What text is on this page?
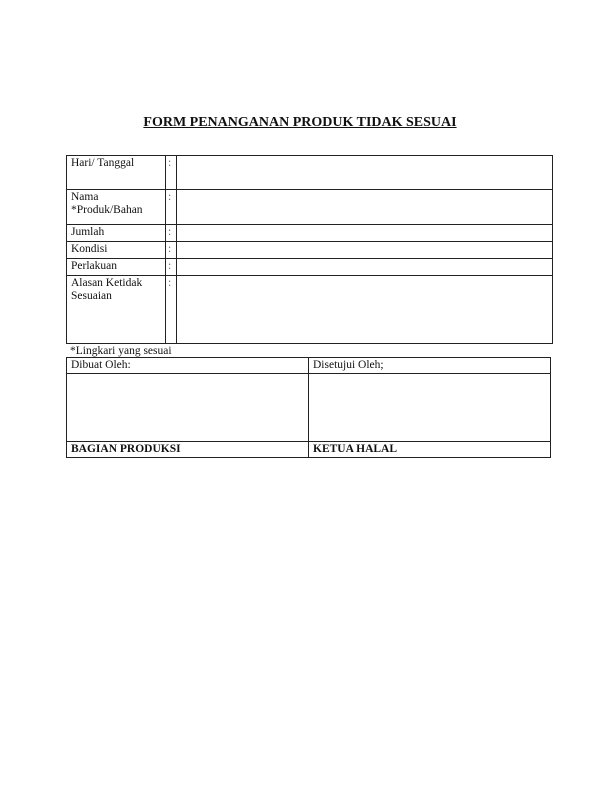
FORM PENANGANAN PRODUK TIDAK SESUAI
Hari/ Tanggal	:	
Nama *Produk/Bahan	:	
Jumlah	:	
Kondisi	:	
Perlakuan	:	
Alasan Ketidak Sesuaian	:	
*Lingkari yang sesuai
Dibuat Oleh:	Disetujui Oleh;

BAGIAN PRODUKSI	KETUA HALAL
